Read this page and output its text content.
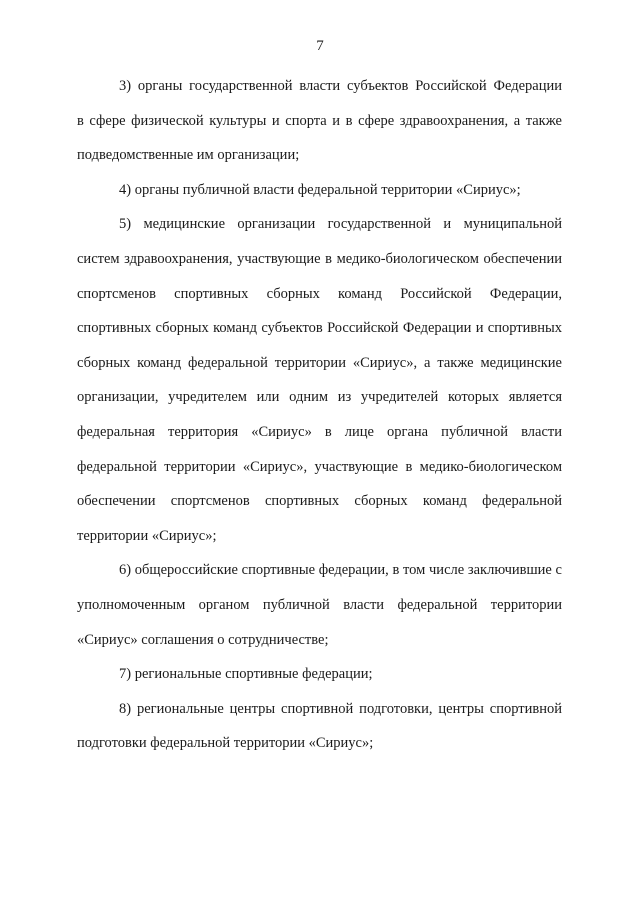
7
3) органы государственной власти субъектов Российской Федерации
в сфере физической культуры и спорта и в сфере здравоохранения, а также
подведомственные им организации;
4) органы публичной власти федеральной территории «Сириус»;
5) медицинские организации государственной и муниципальной
систем здравоохранения, участвующие в медико-биологическом обеспечении
спортсменов спортивных сборных команд Российской Федерации,
спортивных сборных команд субъектов Российской Федерации и спортивных
сборных команд федеральной территории «Сириус», а также медицинские
организации, учредителем или одним из учредителей которых является
федеральная территория «Сириус» в лице органа публичной власти
федеральной территории «Сириус», участвующие в медико-биологическом
обеспечении спортсменов спортивных сборных команд федеральной
территории «Сириус»;
6) общероссийские спортивные федерации, в том числе заключившие с
уполномоченным органом публичной власти федеральной территории
«Сириус» соглашения о сотрудничестве;
7) региональные спортивные федерации;
8) региональные центры спортивной подготовки, центры спортивной
подготовки федеральной территории «Сириус»;
